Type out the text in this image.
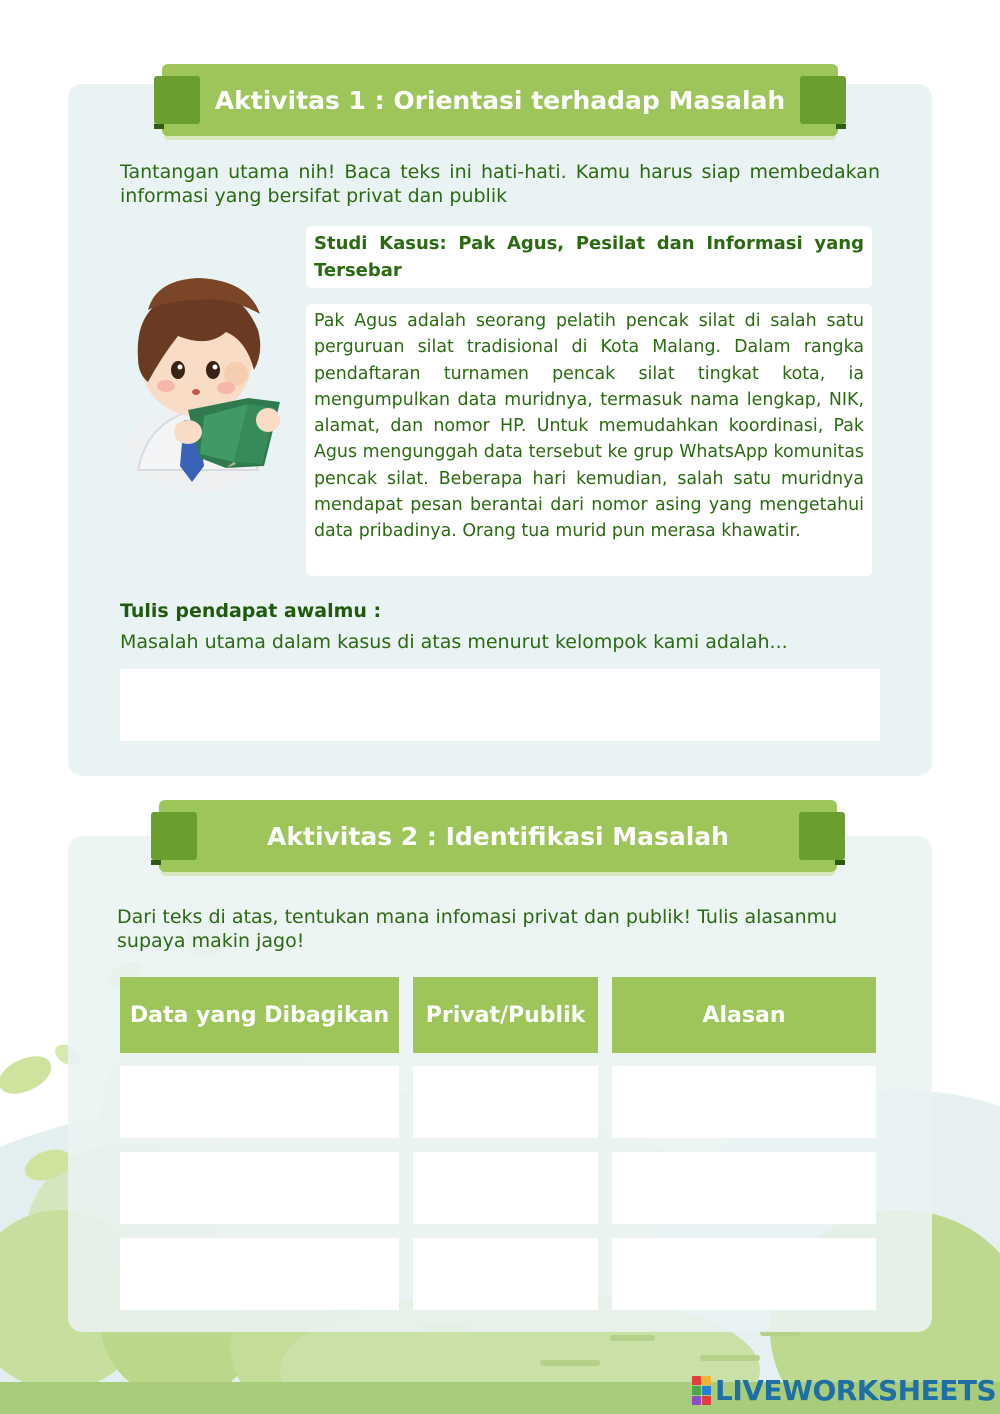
Aktivitas 1 : Orientasi terhadap Masalah
Tantangan utama nih! Baca teks ini hati-hati. Kamu harus siap membedakan informasi yang bersifat privat dan publik
Studi Kasus: Pak Agus, Pesilat dan Informasi yang Tersebar
Pak Agus adalah seorang pelatih pencak silat di salah satu perguruan silat tradisional di Kota Malang. Dalam rangka pendaftaran turnamen pencak silat tingkat kota, ia mengumpulkan data muridnya, termasuk nama lengkap, NIK, alamat, dan nomor HP. Untuk memudahkan koordinasi, Pak Agus mengunggah data tersebut ke grup WhatsApp komunitas pencak silat. Beberapa hari kemudian, salah satu muridnya mendapat pesan berantai dari nomor asing yang mengetahui data pribadinya. Orang tua murid pun merasa khawatir.
Tulis pendapat awalmu :
Masalah utama dalam kasus di atas menurut kelompok kami adalah...
Aktivitas 2 : Identifikasi Masalah
Dari teks di atas, tentukan mana infomasi privat dan publik! Tulis alasanmu supaya makin jago!
Data yang Dibagikan	Privat/Publik	Alasan
LIVEWORKSHEETS
